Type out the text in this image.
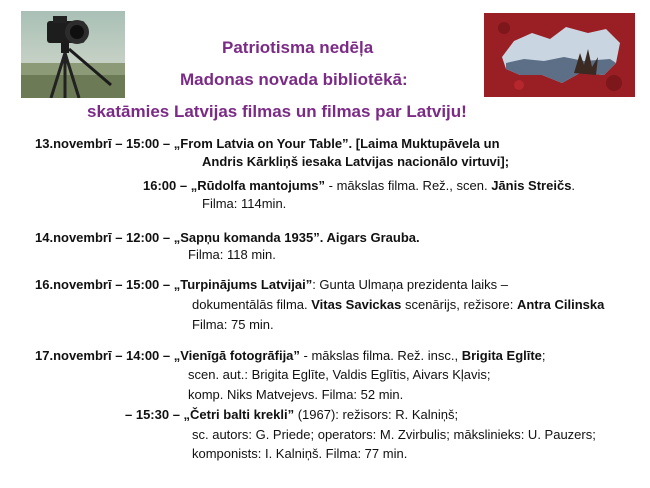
Patriotisma nedēļa
Madonas novada bibliotēkā:
skatāmies Latvijas filmas un filmas par Latviju!
13.novembrī – 15:00 – „From Latvia on Your Table”. [Laima Muktupāvela un
Andris Kārkliņš iesaka Latvijas nacionālo virtuvi];
16:00 – „Rūdolfa mantojums” - mākslas filma. Rež., scen. Jānis Streičs.
Filma: 114min.
14.novembrī – 12:00 – „Sapņu komanda 1935”. Aigars Grauba.
Filma: 118 min.
16.novembrī – 15:00 – „Turpinājums Latvijai”: Gunta Ulmaņa prezidenta laiks –
dokumentālās filma. Vitas Savickas scenārijs, režisore: Antra Cilinska
Filma: 75 min.
17.novembrī – 14:00 – „Vienīgā fotogrāfija” - mākslas filma. Rež. insc., Brigita Eglīte;
scen. aut.: Brigita Eglīte, Valdis Eglītis, Aivars Kļavis;
komp. Niks Matvejevs. Filma: 52 min.
– 15:30 – „Četri balti krekli” (1967): režisors: R. Kalniņš;
sc. autors: G. Priede; operators: M. Zvirbulis; mākslinieks: U. Pauzers;
komponists: I. Kalniņš. Filma: 77 min.
